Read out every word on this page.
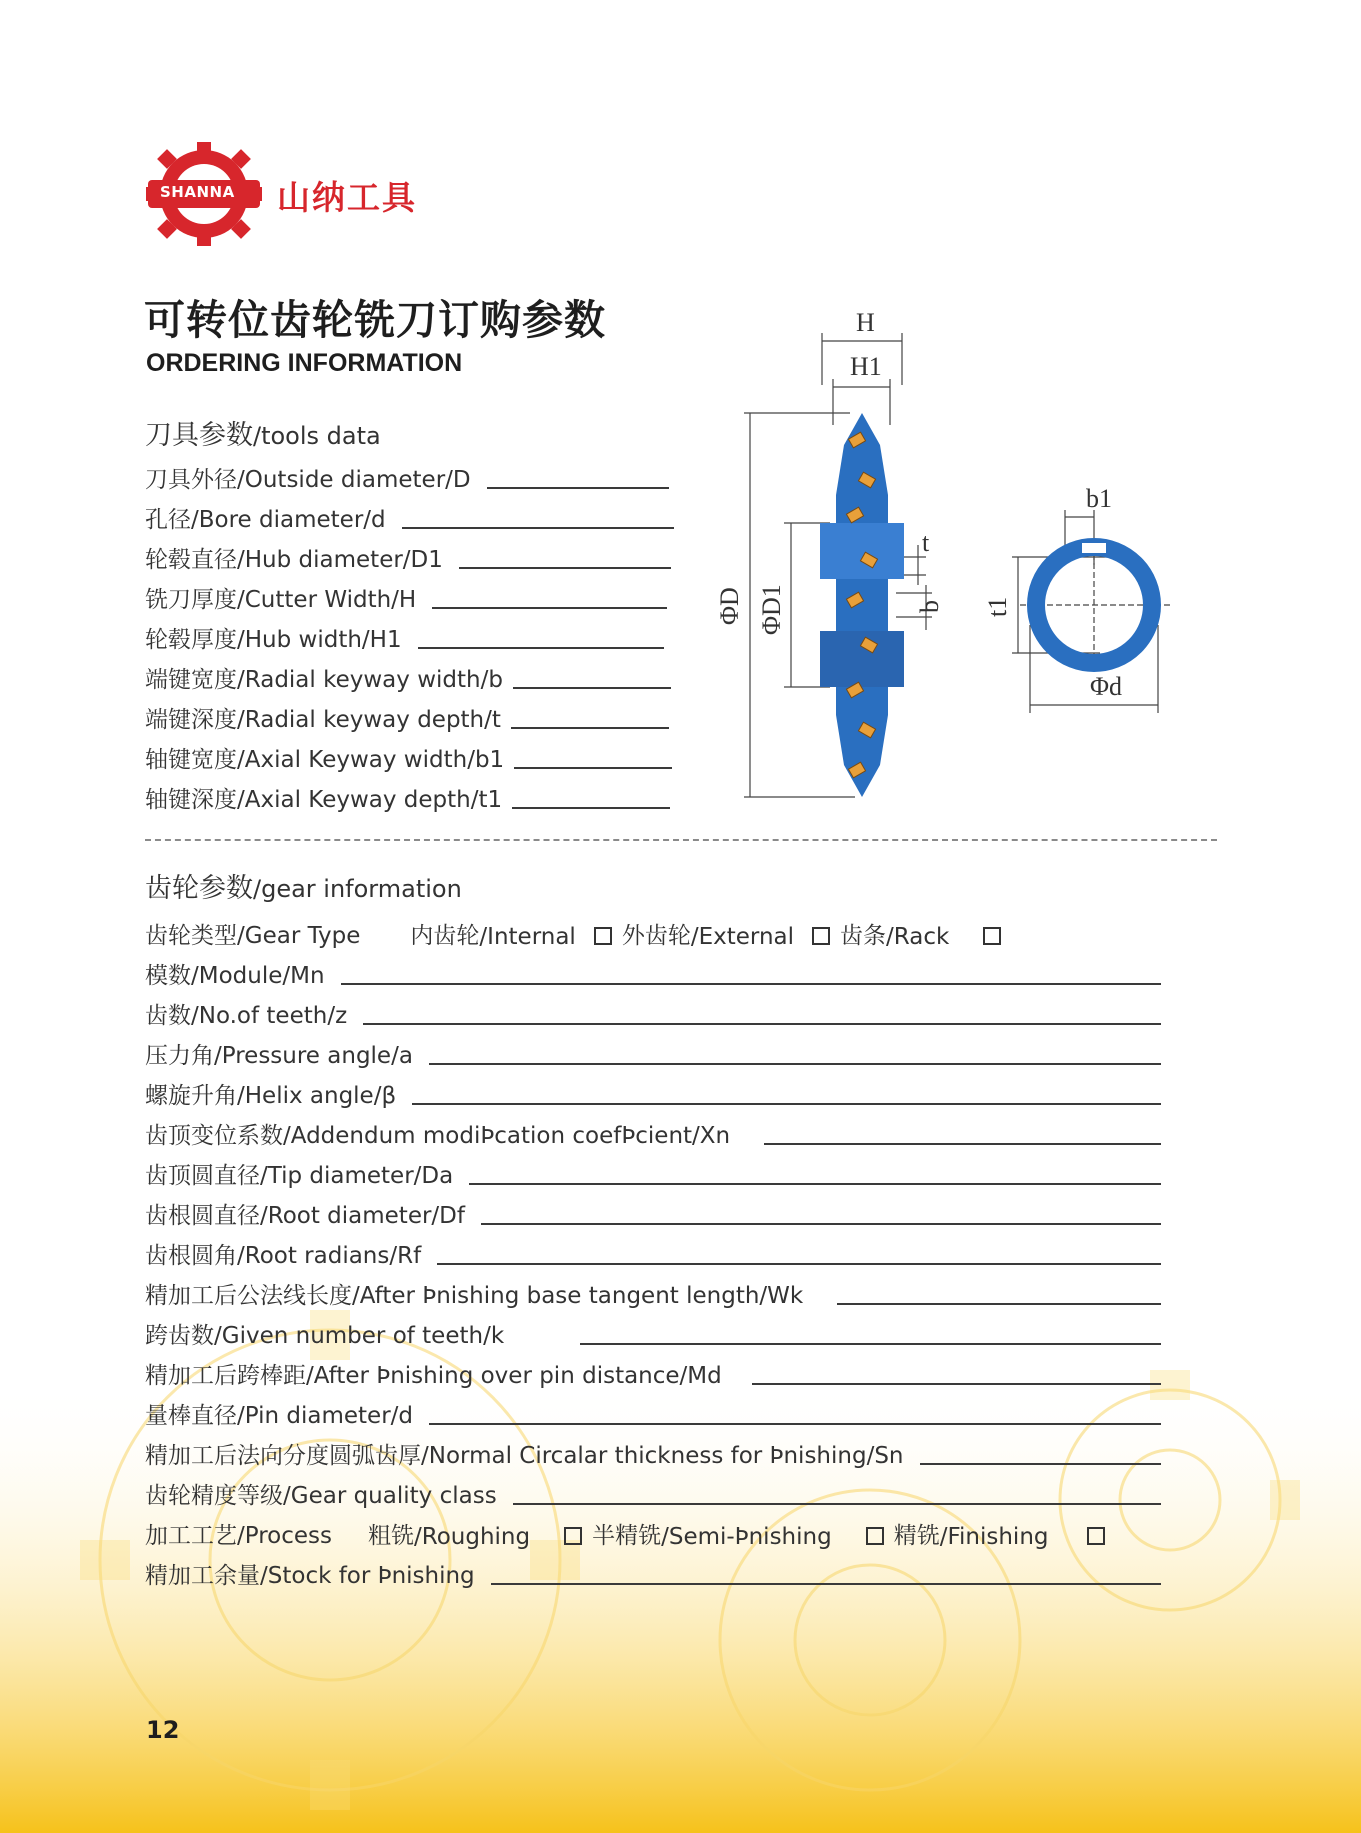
SHANNA 山纳工具
可转位齿轮铣刀订购参数
ORDERING INFORMATION
刀具参数/tools data
刀具外径/Outside diameter/D
孔径/Bore diameter/d
轮毂直径/Hub diameter/D1
铣刀厚度/Cutter Width/H
轮毂厚度/Hub width/H1
端键宽度/Radial keyway width/b
端键深度/Radial keyway depth/t
轴键宽度/Axial Keyway width/b1
轴键深度/Axial Keyway depth/t1
H
H1
t
b
ΦD ΦD1
b1
t1
Φd
齿轮参数/gear information
齿轮类型/Gear Type 内齿轮 /Internal 外齿轮 /External 齿条 /Rack
模数/Module/Mn
齿数/No.of teeth/z
压力角/Pressure angle/a
螺旋升角/Helix angle/β
齿顶变位系数/Addendum modiÞcation coefÞcient/Xn
齿顶圆直径/Tip diameter/Da
齿根圆直径/Root diameter/Df
齿根圆角/Root radians/Rf
精加工后公法线长度/After Þnishing base tangent length/Wk
跨齿数/Given number of teeth/k
精加工后跨棒距/After Þnishing over pin distance/Md
量棒直径/Pin diameter/d
精加工后法向分度圆弧齿厚/Normal Circalar thickness for Þnishing/Sn
齿轮精度等级/Gear quality class
加工工艺/Process 粗铣 /Roughing	半精铣 /Semi-Þnishing	精铣 /Finishing
精加工余量/Stock for Þnishing
12
